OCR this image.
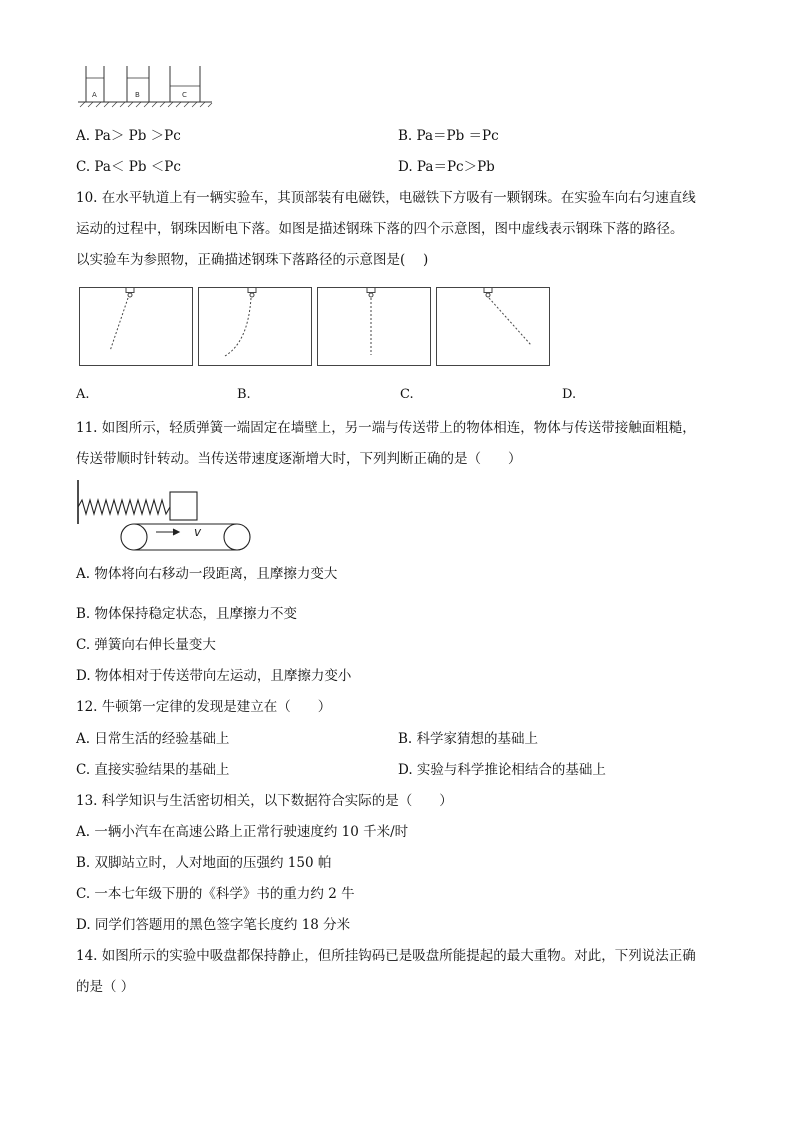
A	B	C
A. Pa＞ Pb ＞Pc	B. Pa＝Pb ＝Pc
C. Pa＜ Pb ＜Pc	D. Pa＝Pc＞Pb
10. 在水平轨道上有一辆实验车，其顶部装有电磁铁，电磁铁下方吸有一颗钢珠。在实验车向右匀速直线
运动的过程中，钢珠因断电下落。如图是描述钢珠下落的四个示意图，图中虚线表示钢珠下落的路径。
以实验车为参照物，正确描述钢珠下落路径的示意图是(　 )
A.	B.	C.	D.
11. 如图所示，轻质弹簧一端固定在墙壁上，另一端与传送带上的物体相连，物体与传送带接触面粗糙，
传送带顺时针转动。当传送带速度逐渐增大时，下列判断正确的是（　　）
v
A. 物体将向右移动一段距离，且摩擦力变大
B. 物体保持稳定状态，且摩擦力不变
C. 弹簧向右伸长量变大
D. 物体相对于传送带向左运动，且摩擦力变小
12. 牛顿第一定律的发现是建立在（　　）
A. 日常生活的经验基础上	B. 科学家猜想的基础上
C. 直接实验结果的基础上	D. 实验与科学推论相结合的基础上
13. 科学知识与生活密切相关，以下数据符合实际的是（　　）
A. 一辆小汽车在高速公路上正常行驶速度约 10 千米/时
B. 双脚站立时，人对地面的压强约 150 帕
C. 一本七年级下册的《科学》书的重力约 2 牛
D. 同学们答题用的黑色签字笔长度约 18 分米
14. 如图所示的实验中吸盘都保持静止，但所挂钩码已是吸盘所能提起的最大重物。对此，下列说法正确
的是（ ）
